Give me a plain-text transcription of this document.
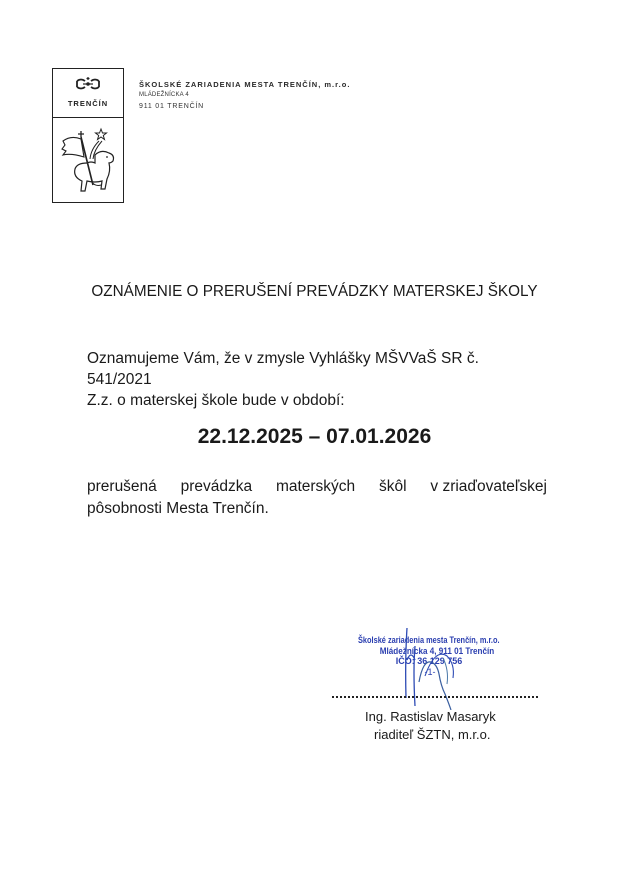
TRENČÍN
ŠKOLSKÉ ZARIADENIA MESTA TRENČÍN, m.r.o.
MLÁDEŽNÍCKA 4
911 01 TRENČÍN
OZNÁMENIE O PRERUŠENÍ PREVÁDZKY MATERSKEJ ŠKOLY
Oznamujeme Vám, že v zmysle Vyhlášky MŠVVaŠ SR č. 541/2021
Z.z. o materskej škole bude v období:
22.12.2025 – 07.01.2026
prerušená prevádzka materských škôl v zriaďovateľskej
pôsobnosti Mesta Trenčín.
Školské zariadenia mesta Trenčín, m.r.o.
Mládežnícka 4, 911 01 Trenčín
IČO: 36 129 756
-1-
Ing. Rastislav Masaryk
riaditeľ ŠZTN, m.r.o.
